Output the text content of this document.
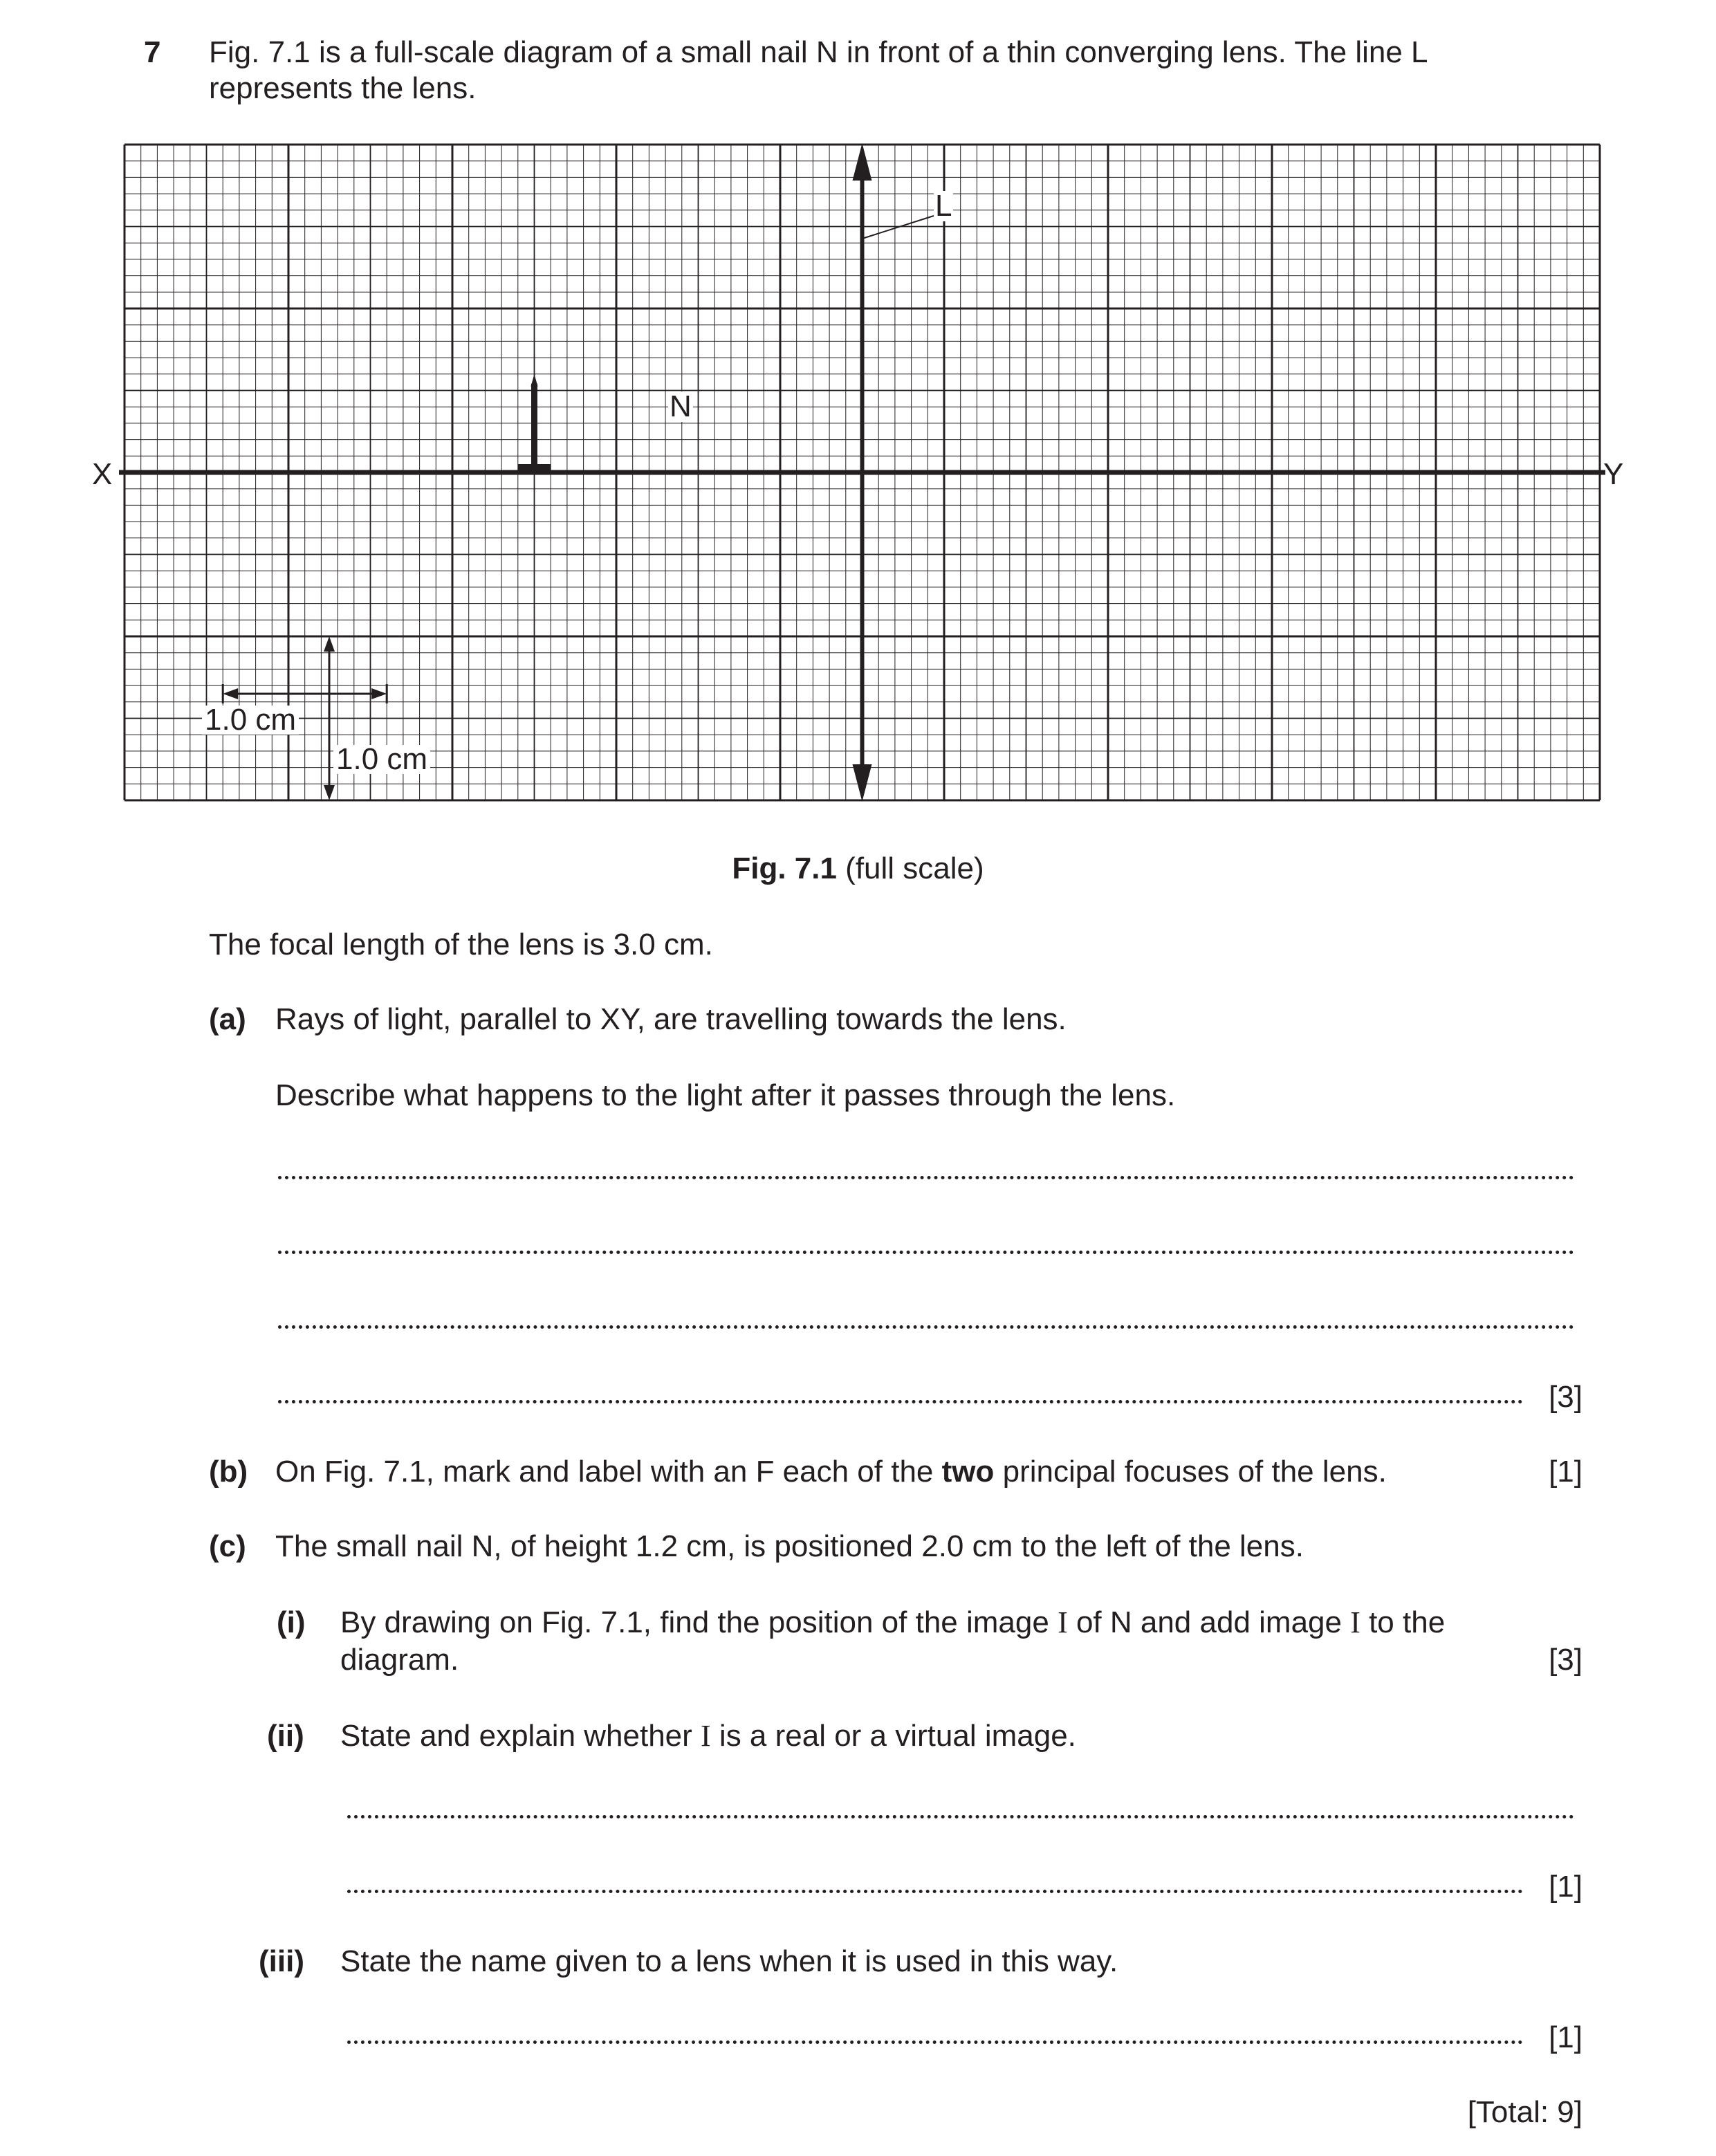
7 Fig. 7.1 is a full-scale diagram of a small nail N in front of a thin converging lens. The line L
represents the lens.
X	Y
L
N
1.0 cm
1.0 cm
Fig. 7.1 (full scale)
The focal length of the lens is 3.0 cm.
(a) Rays of light, parallel to XY, are travelling towards the lens.
Describe what happens to the light after it passes through the lens.
[3]
(b) On Fig. 7.1, mark and label with an F each of the two principal focuses of the lens.	[1]
(c) The small nail N, of height 1.2 cm, is positioned 2.0 cm to the left of the lens.
(i) By drawing on Fig. 7.1, find the position of the image I of N and add image I to the
diagram.	[3]
(ii) State and explain whether I is a real or a virtual image.
[1]
(iii) State the name given to a lens when it is used in this way.
[1]
[Total: 9]
